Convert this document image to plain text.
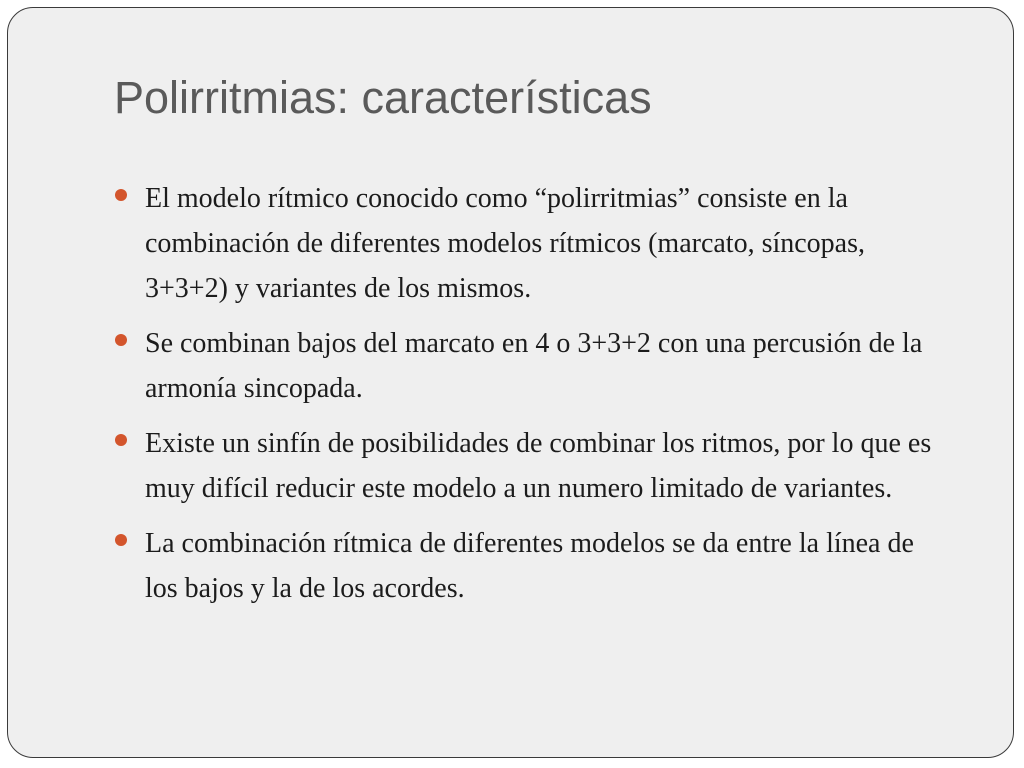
Polirritmias: características
El modelo rítmico conocido como “polirritmias” consiste en la combinación de diferentes modelos rítmicos (marcato, síncopas, 3+3+2) y variantes de los mismos.
Se combinan bajos del marcato en 4 o 3+3+2 con una percusión de la armonía sincopada.
Existe un sinfín de posibilidades de combinar los ritmos, por lo que es muy difícil reducir este modelo a un numero limitado de variantes.
La combinación rítmica de diferentes modelos se da entre la línea de los bajos y la de los acordes.
